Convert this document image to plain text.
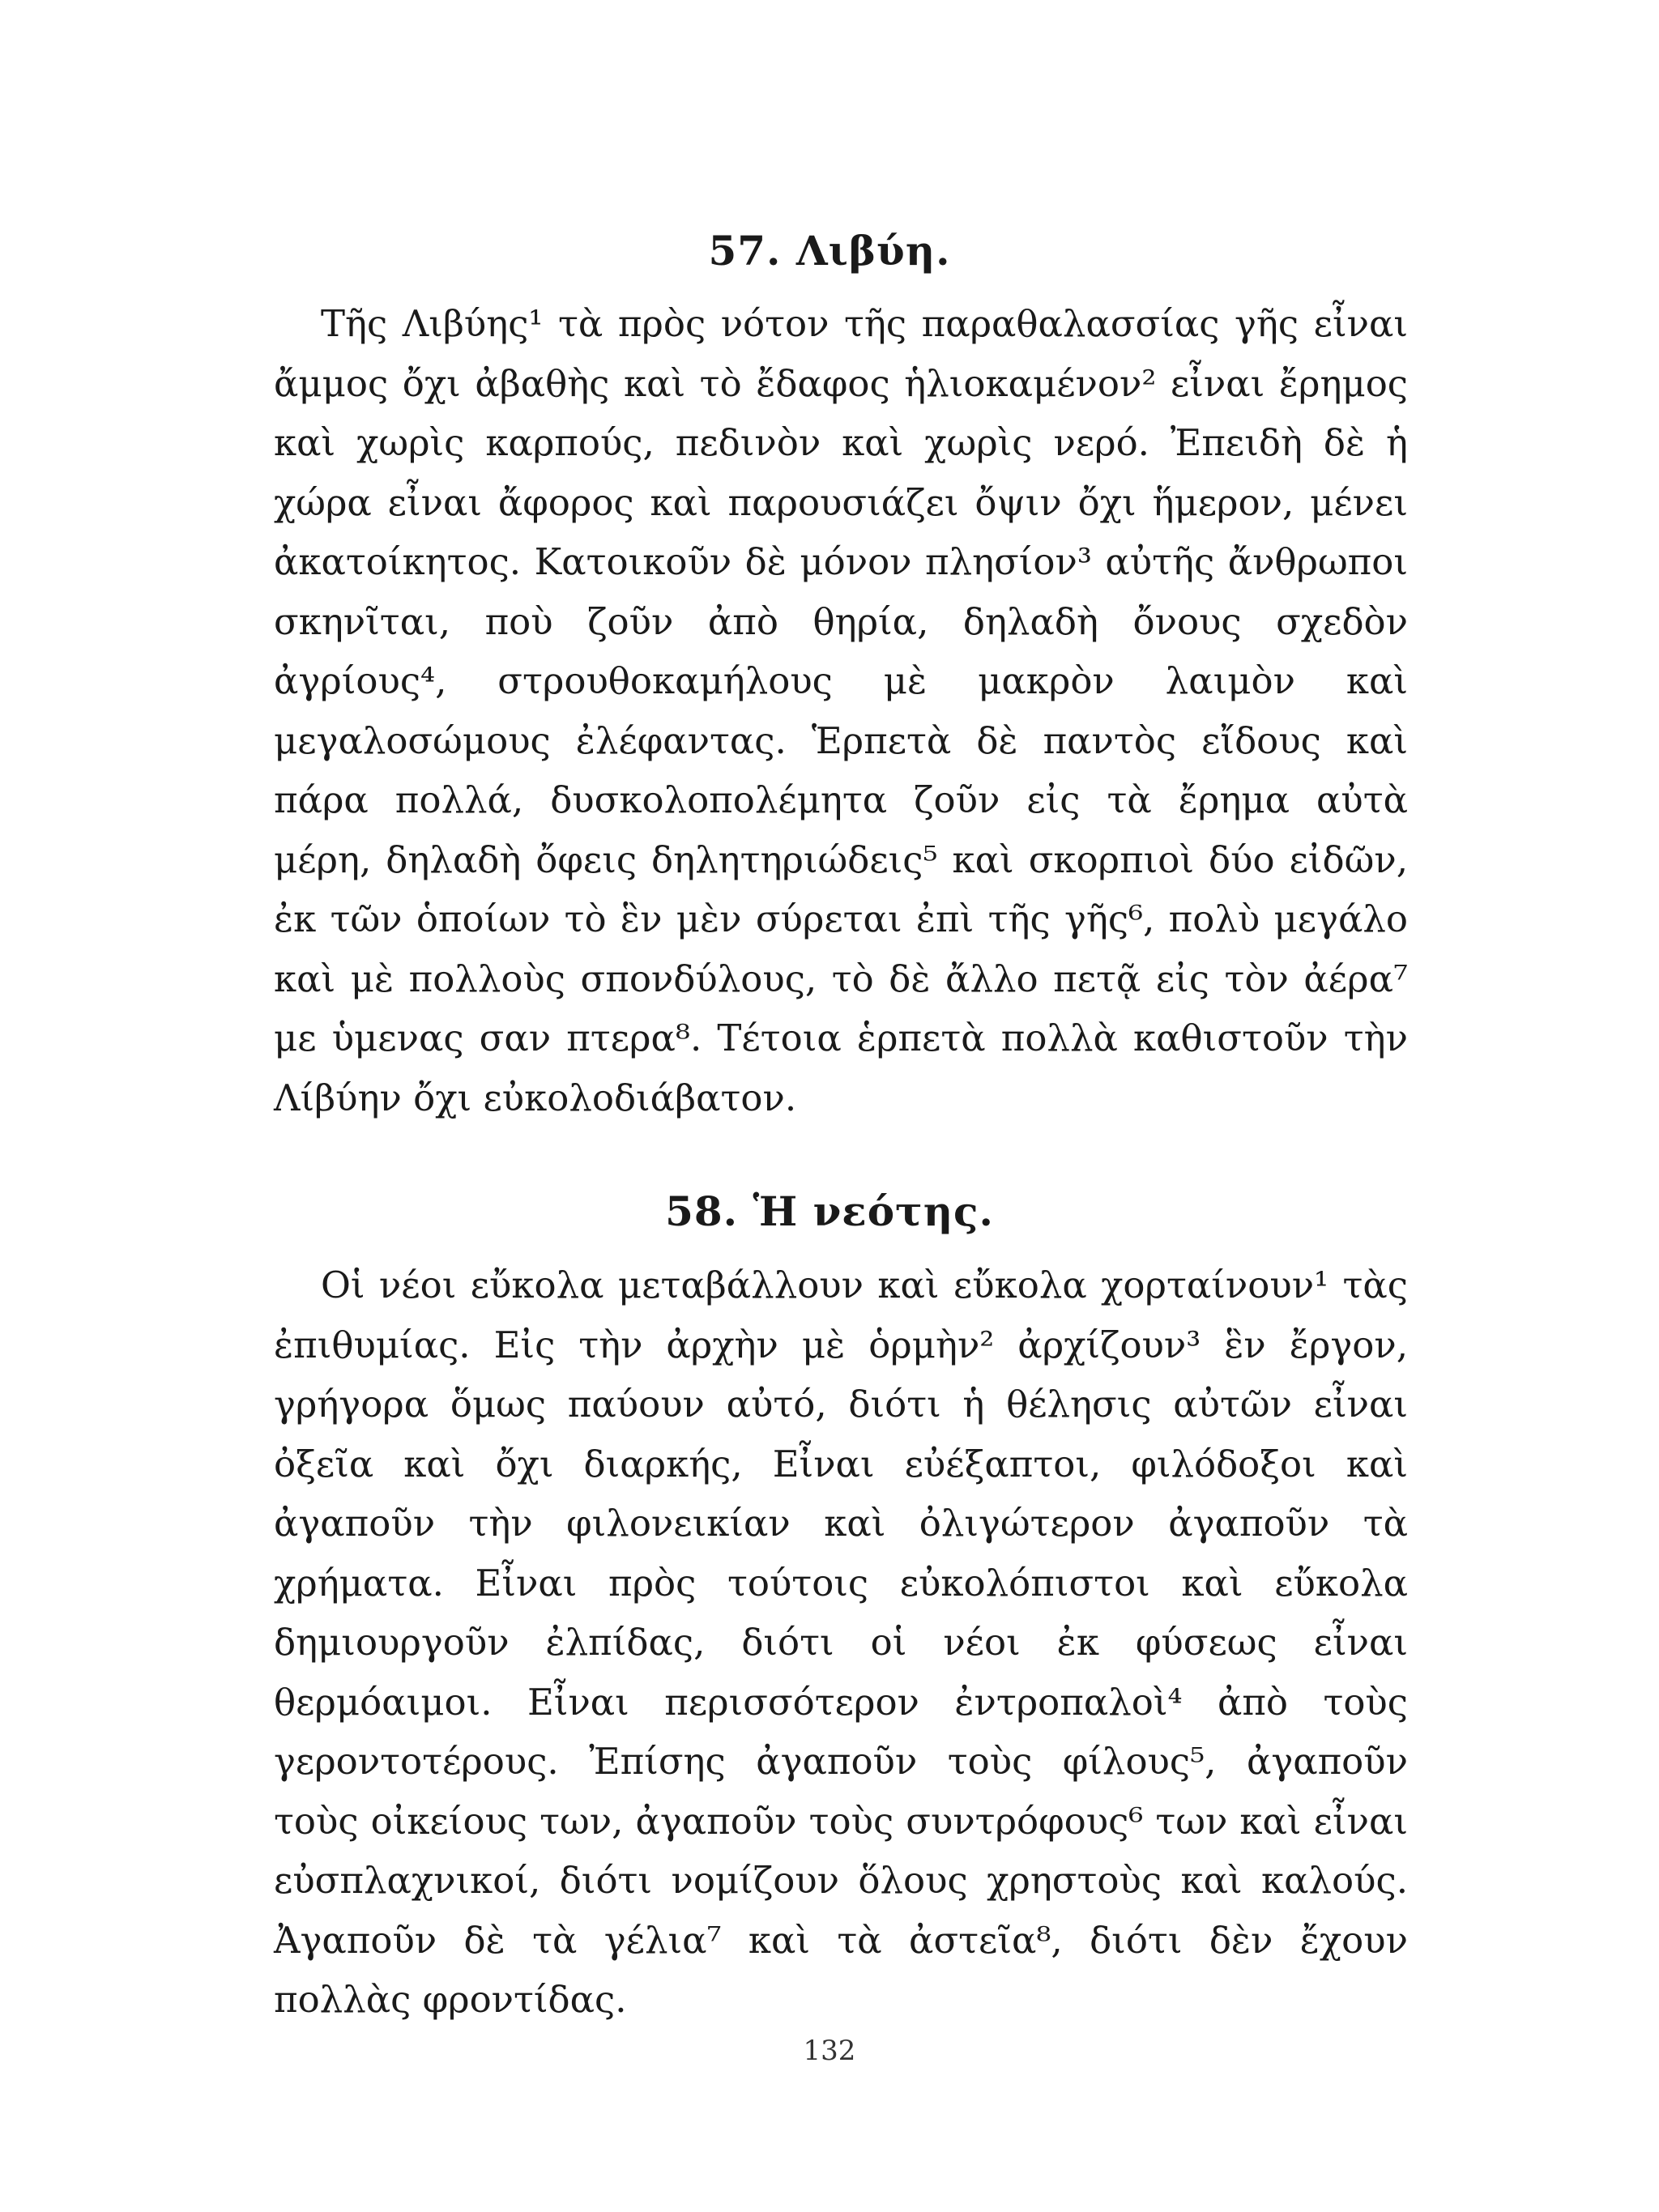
57. Λιβύη.

Τῆς Λιβύης¹ τὰ πρὸς νότον τῆς παραθαλασσίας γῆς εἶναι ἄμμος ὄχι ἀβαθὴς καὶ τὸ ἔδαφος ἡλιοκαμένον² εἶναι ἔρημος καὶ χωρὶς καρπούς, πεδινὸν καὶ χωρὶς νερό. Ἐπειδὴ δὲ ἡ χώρα εἶναι ἄφορος καὶ παρουσιάζει ὄψιν ὄχι ἥμερον, μένει ἀκατοίκητος. Κατοικοῦν δὲ μόνον πλησίον³ αὐτῆς ἄνθρωποι σκηνῖται, ποὺ ζοῦν ἀπὸ θηρία, δηλαδὴ ὄνους σχεδὸν ἀγρίους⁴, στρουθοκαμήλους μὲ μακρὸν λαιμὸν καὶ μεγαλοσώμους ἐλέφαντας. Ἑρπετὰ δὲ παντὸς εἴδους καὶ πάρα πολλά, δυσκολοπολέμητα ζοῦν εἰς τὰ ἔρημα αὐτὰ μέρη, δηλαδὴ ὄφεις δηλητηριώδεις⁵ καὶ σκορπιοὶ δύο εἰδῶν, ἐκ τῶν ὁποίων τὸ ἓν μὲν σύρεται ἐπὶ τῆς γῆς⁶, πολὺ μεγάλο καὶ μὲ πολλοὺς σπονδύλους, τὸ δὲ ἄλλο πετᾷ εἰς τὸν ἀέρα⁷ με ὑμενας σαν πτερα⁸. Τέτοια ἑρπετὰ πολλὰ καθιστοῦν τὴν Λίβύην ὄχι εὐκολοδιάβατον.

58. Ἡ νεότης.

Οἱ νέοι εὔκολα μεταβάλλουν καὶ εὔκολα χορταίνουν¹ τὰς ἐπιθυμίας. Εἰς τὴν ἀρχὴν μὲ ὁρμὴν² ἀρχίζουν³ ἓν ἔργον, γρήγορα ὅμως παύουν αὐτό, διότι ἡ θέλησις αὐτῶν εἶναι ὀξεῖα καὶ ὄχι διαρκής, Εἶναι εὐέξαπτοι, φιλόδοξοι καὶ ἀγαποῦν τὴν φιλονεικίαν καὶ ὀλιγώτερον ἀγαποῦν τὰ χρήματα. Εἶναι πρὸς τούτοις εὐκολόπιστοι καὶ εὔκολα δημιουργοῦν ἐλπίδας, διότι οἱ νέοι ἐκ φύσεως εἶναι θερμόαιμοι. Εἶναι περισσότερον ἐντροπαλοὶ⁴ ἀπὸ τοὺς γεροντοτέρους. Ἐπίσης ἀγαποῦν τοὺς φίλους⁵, ἀγαποῦν τοὺς οἰκείους των, ἀγαποῦν τοὺς συντρόφους⁶ των καὶ εἶναι εὐσπλαχνικοί, διότι νομίζουν ὅλους χρηστοὺς καὶ καλούς. Ἀγαποῦν δὲ τὰ γέλια⁷ καὶ τὰ ἀστεῖα⁸, διότι δὲν ἔχουν πολλὰς φροντίδας.

132
